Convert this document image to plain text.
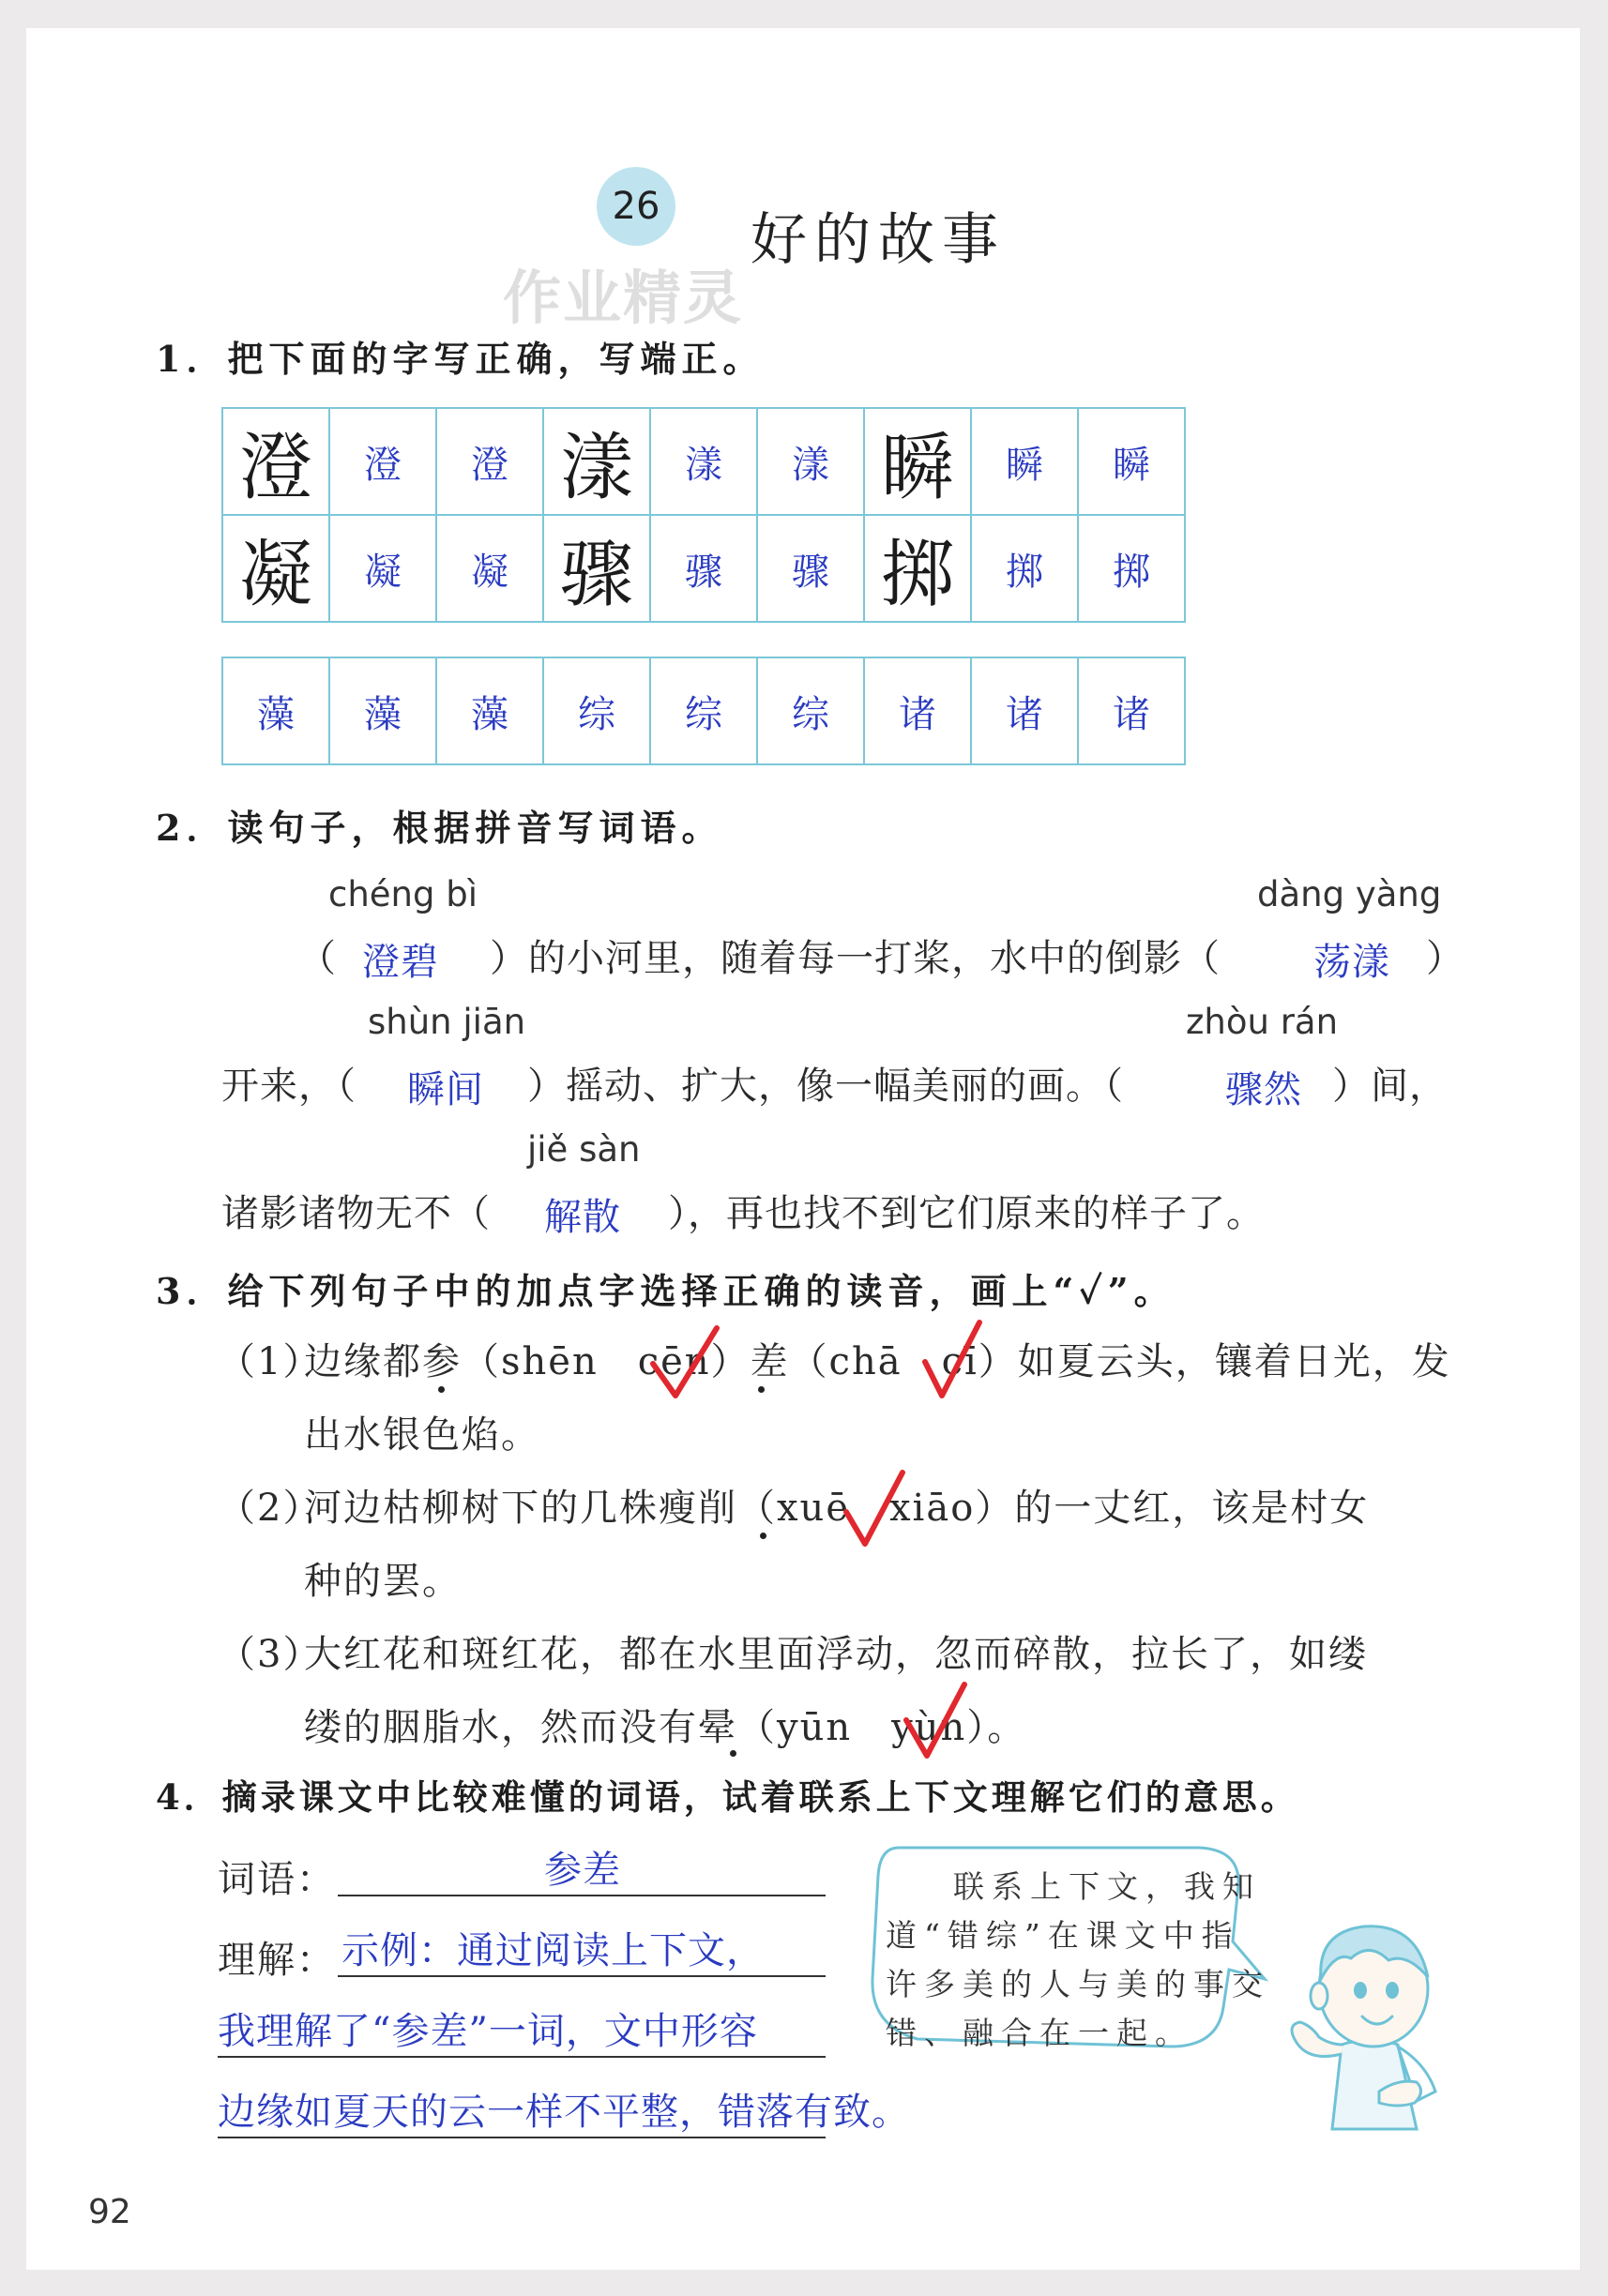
26
好的故事
作业精灵
1．把下面的字写正确，写端正。
澄	澄	澄	漾	漾	漾	瞬	瞬	瞬
凝	凝	凝	骤	骤	骤	掷	掷	掷
藻	藻	藻	综	综	综	诸	诸	诸
2．读句子，根据拼音写词语。
chéng bì	dàng yàng
（ 澄碧 ）的小河里，随着每一打桨，水中的倒影（ 荡漾 ）
shùn jiān	zhòu rán
开来，（ 瞬间 ）摇动、扩大，像一幅美丽的画。（	骤然 ）间，
jiě sàn
诸影诸物无不（ 解散 ），再也找不到它们原来的样子了。
3．给下列句子中的加点字选择正确的读音，画上“✓”。
（1）
边缘都参（shēn　cēn）差（chā　cī）如夏云头，镶着日光，发
出水银色焰。
（2）
河边枯柳树下的几株瘦削（xuē　xiāo）的一丈红，该是村女
种的罢。
（3）
大红花和斑红花，都在水里面浮动，忽而碎散，拉长了，如缕
缕的胭脂水，然而没有晕（yūn　yùn）。
4．摘录课文中比较难懂的词语，试着联系上下文理解它们的意思。
词语：	参差
理解： 示例：通过阅读上下文，
我理解了“参差”一词，文中形容
边缘如夏天的云一样不平整，错落有致。
联系上下文，我知
道“错综”在课文中指
许多美的人与美的事交
错、融合在一起。
92
